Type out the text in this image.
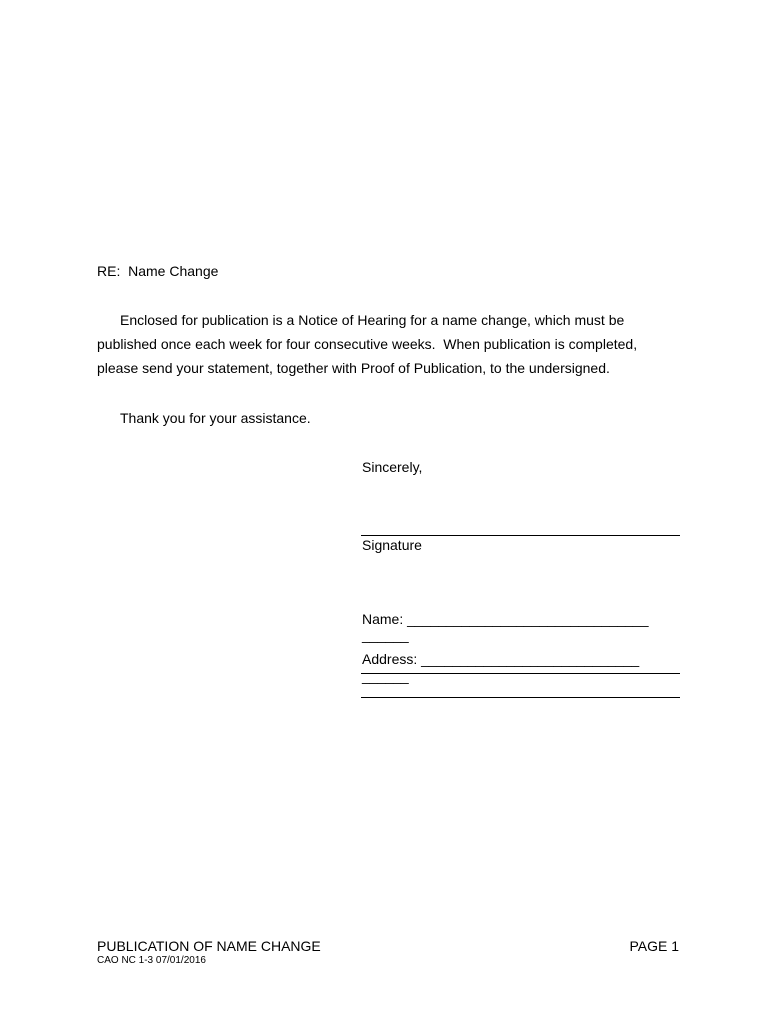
RE:  Name Change
Enclosed for publication is a Notice of Hearing for a name change, which must be
published once each week for four consecutive weeks.  When publication is completed,
please send your statement, together with Proof of Publication, to the undersigned.
Thank you for your assistance.
Sincerely,
Signature
Name: _______________________________
______
Address: ____________________________
______
PUBLICATION OF NAME CHANGE	PAGE 1
CAO NC 1-3 07/01/2016
